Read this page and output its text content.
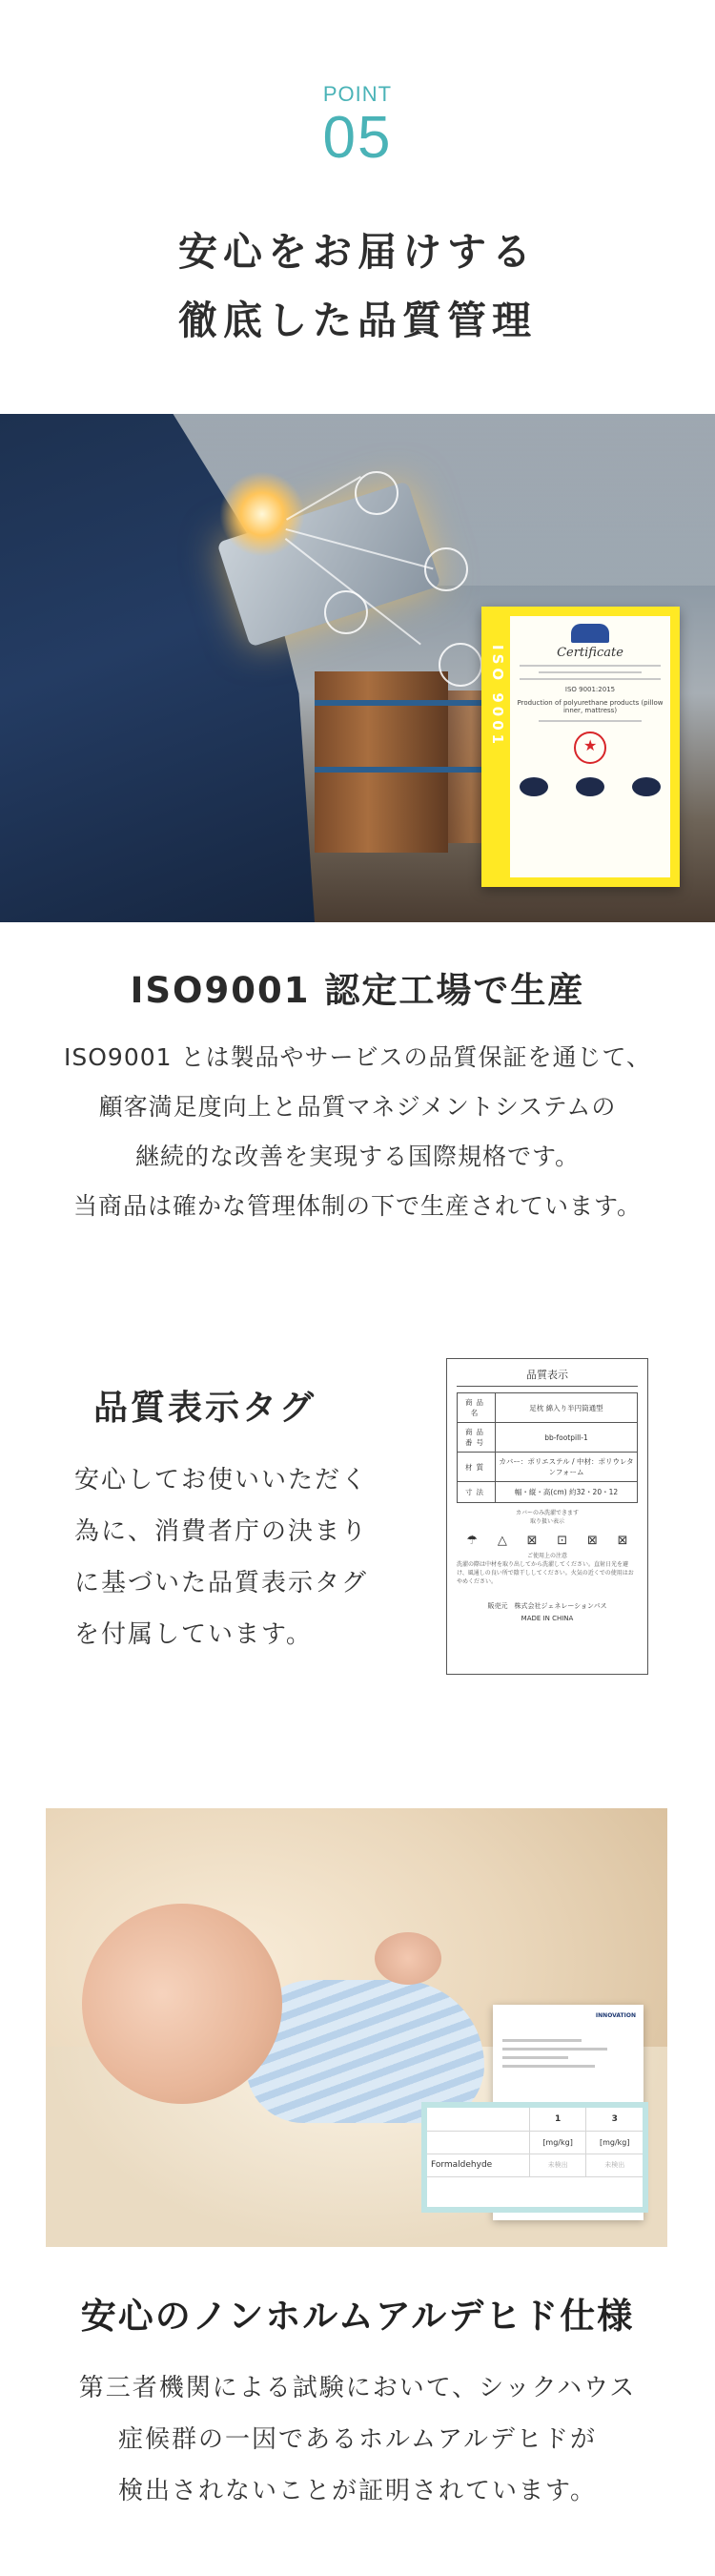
POINT
05
安心をお届けする
徹底した品質管理
ISO 9001	Certificate
ISO 9001:2015
Production of polyurethane products (pillow inner, mattress)
★
ISO9001 認定工場で生産
ISO9001 とは製品やサービスの品質保証を通じて、
顧客満足度向上と品質マネジメントシステムの
継続的な改善を実現する国際規格です。
当商品は確かな管理体制の下で生産されています。
品質表示タグ
安心してお使いいただく
為に、消費者庁の決まり
に基づいた品質表示タグ
を付属しています。
品質表示
商品名	足枕 綿入り半円筒通型
商品番号	bb-footpill-1
材質	カバー：ポリエステル / 中材：ポリウレタンフォーム
寸法	幅・縦・高(cm) 約32・20・12
カバーのみ洗濯できます
取り扱い表示
☂ △ ⊠ ⊡ ⊠ ⊠
ご使用上の注意
洗濯の際は中材を取り出してから洗濯してください。直射日光を避け、風通しの良い所で陰干ししてください。火気の近くでの使用はおやめください。
販売元　株式会社ジェネレーションパス
MADE IN CHINA
INNOVATION
	1	3
	[mg/kg]	[mg/kg]
Formaldehyde	未検出	未検出
安心のノンホルムアルデヒド仕様
第三者機関による試験において、シックハウス
症候群の一因であるホルムアルデヒドが
検出されないことが証明されています。
